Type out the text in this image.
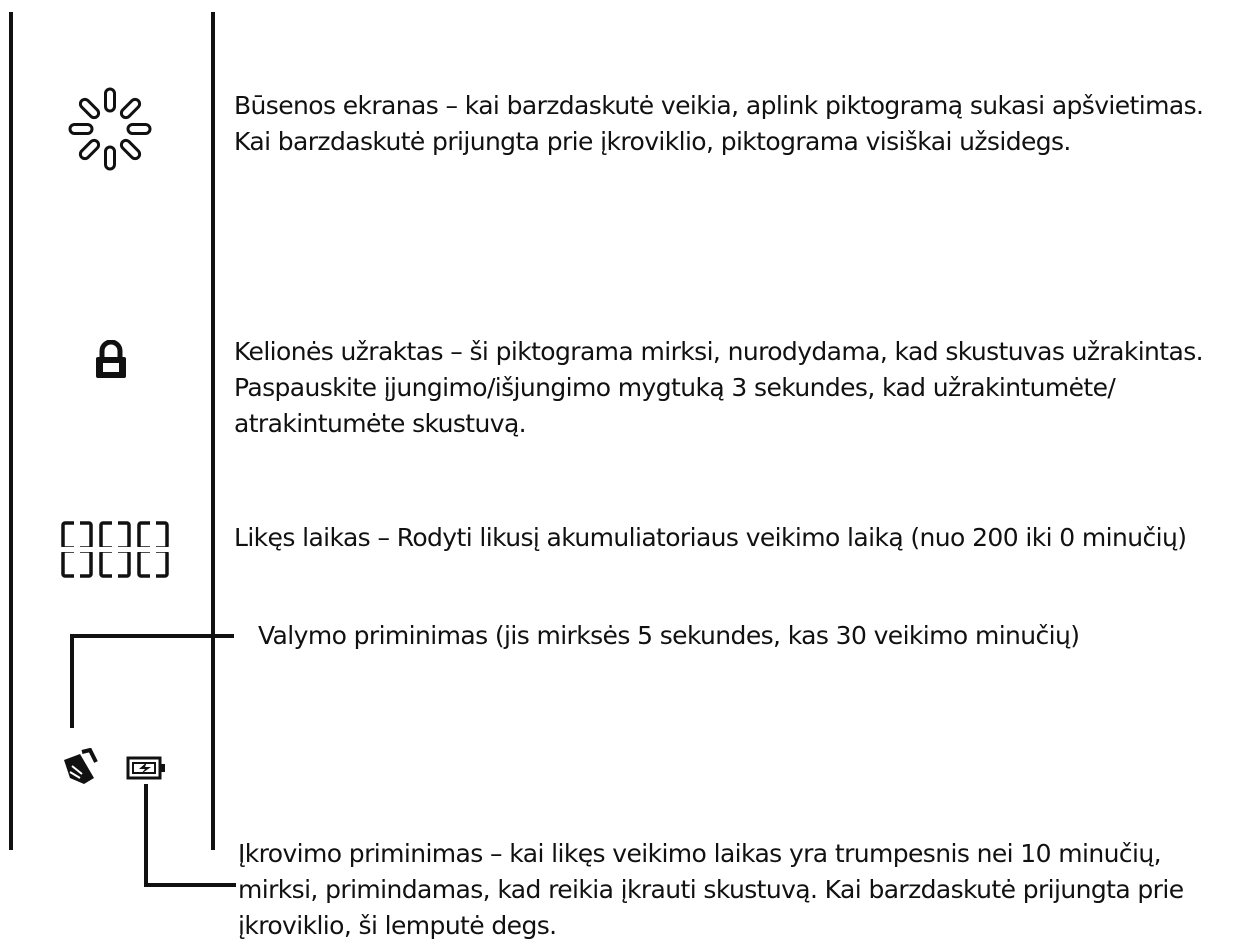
Būsenos ekranas – kai barzdaskutė veikia, aplink piktogramą sukasi apšvietimas.
Kai barzdaskutė prijungta prie įkroviklio, piktograma visiškai užsidegs.
Kelionės užraktas – ši piktograma mirksi, nurodydama, kad skustuvas užrakintas.
Paspauskite įjungimo/išjungimo mygtuką 3 sekundes, kad užrakintumėte/
atrakintumėte skustuvą.
Likęs laikas – Rodyti likusį akumuliatoriaus veikimo laiką (nuo 200 iki 0 minučių)
Valymo priminimas (jis mirksės 5 sekundes, kas 30 veikimo minučių)
Įkrovimo priminimas – kai likęs veikimo laikas yra trumpesnis nei 10 minučių,
mirksi, primindamas, kad reikia įkrauti skustuvą. Kai barzdaskutė prijungta prie
įkroviklio, ši lemputė degs.
